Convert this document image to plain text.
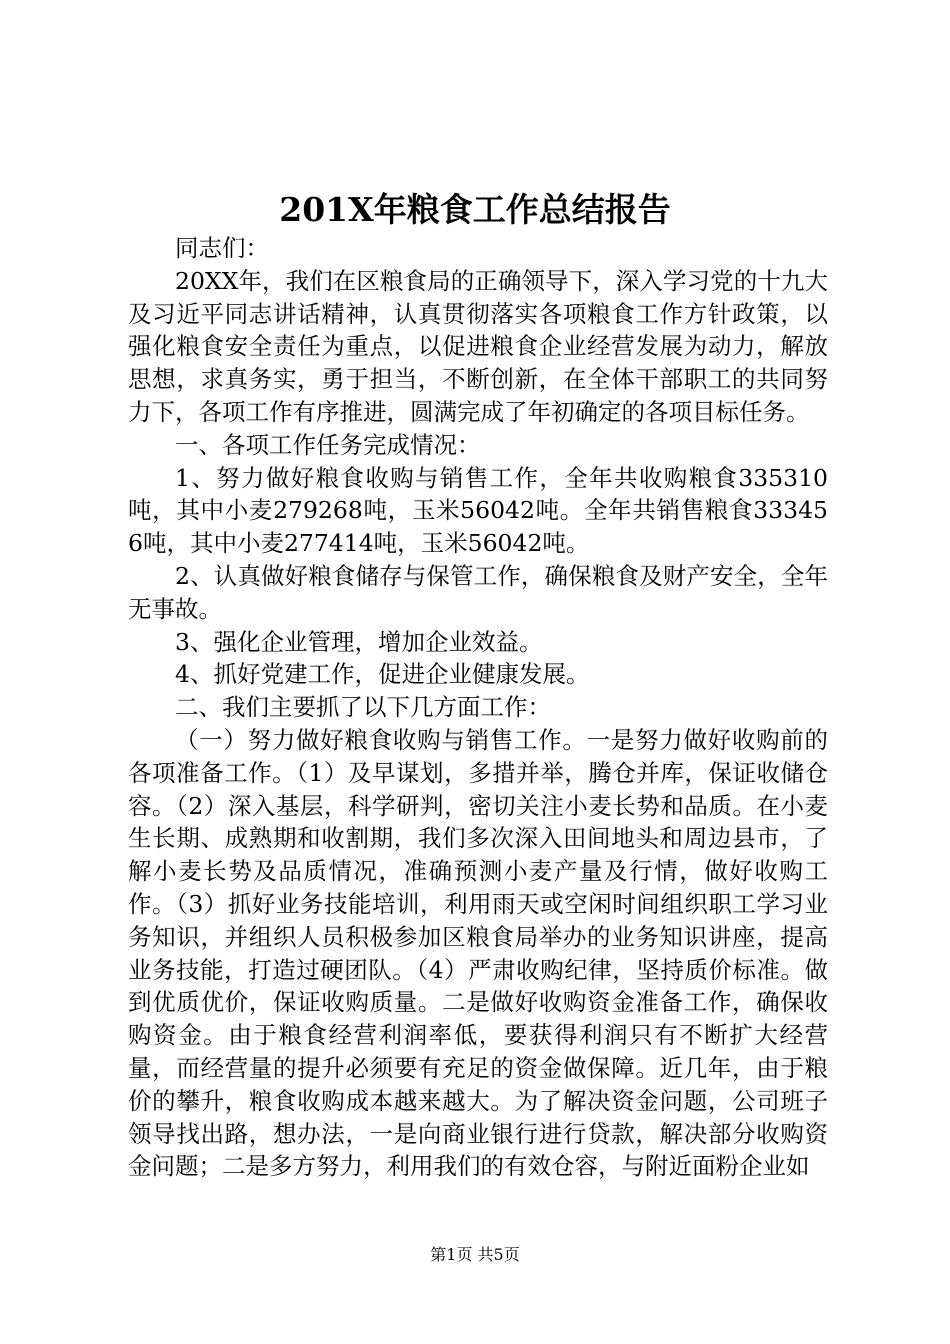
201X年粮食工作总结报告

同志们：

20XX年，我们在区粮食局的正确领导下，深入学习党的十九大及习近平同志讲话精神，认真贯彻落实各项粮食工作方针政策，以强化粮食安全责任为重点，以促进粮食企业经营发展为动力，解放思想，求真务实，勇于担当，不断创新，在全体干部职工的共同努力下，各项工作有序推进，圆满完成了年初确定的各项目标任务。

一、各项工作任务完成情况：

1、努力做好粮食收购与销售工作，全年共收购粮食335310吨，其中小麦279268吨，玉米56042吨。全年共销售粮食333456吨，其中小麦277414吨，玉米56042吨。

2、认真做好粮食储存与保管工作，确保粮食及财产安全，全年无事故。

3、强化企业管理，增加企业效益。

4、抓好党建工作，促进企业健康发展。

二、我们主要抓了以下几方面工作：

（一）努力做好粮食收购与销售工作。一是努力做好收购前的各项准备工作。（1）及早谋划，多措并举，腾仓并库，保证收储仓容。（2）深入基层，科学研判，密切关注小麦长势和品质。在小麦生长期、成熟期和收割期，我们多次深入田间地头和周边县市，了解小麦长势及品质情况，准确预测小麦产量及行情，做好收购工作。（3）抓好业务技能培训，利用雨天或空闲时间组织职工学习业务知识，并组织人员积极参加区粮食局举办的业务知识讲座，提高业务技能，打造过硬团队。（4）严肃收购纪律，坚持质价标准。做到优质优价，保证收购质量。二是做好收购资金准备工作，确保收购资金。由于粮食经营利润率低，要获得利润只有不断扩大经营量，而经营量的提升必须要有充足的资金做保障。近几年，由于粮价的攀升，粮食收购成本越来越大。为了解决资金问题，公司班子领导找出路，想办法，一是向商业银行进行贷款，解决部分收购资金问题；二是多方努力，利用我们的有效仓容，与附近面粉企业如

第1页 共5页
